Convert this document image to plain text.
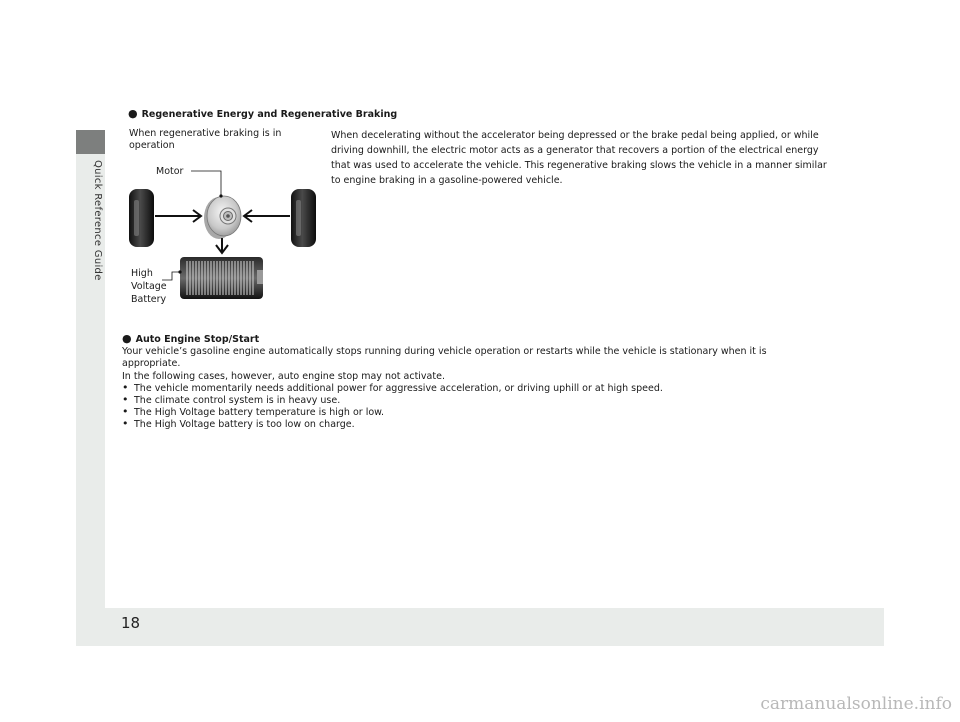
Quick Reference Guide
● Regenerative Energy and Regenerative Braking
When regenerative braking is in operation
When decelerating without the accelerator being depressed or the brake pedal being applied, or while driving downhill, the electric motor acts as a generator that recovers a portion of the electrical energy that was used to accelerate the vehicle. This regenerative braking slows the vehicle in a manner similar to engine braking in a gasoline-powered vehicle.
Motor
High Voltage Battery
● Auto Engine Stop/Start

Your vehicle’s gasoline engine automatically stops running during vehicle operation or restarts while the vehicle is stationary when it is appropriate.

In the following cases, however, auto engine stop may not activate.

• The vehicle momentarily needs additional power for aggressive acceleration, or driving uphill or at high speed.
• The climate control system is in heavy use.
• The High Voltage battery temperature is high or low.
• The High Voltage battery is too low on charge.
18
carmanualsonline.info
